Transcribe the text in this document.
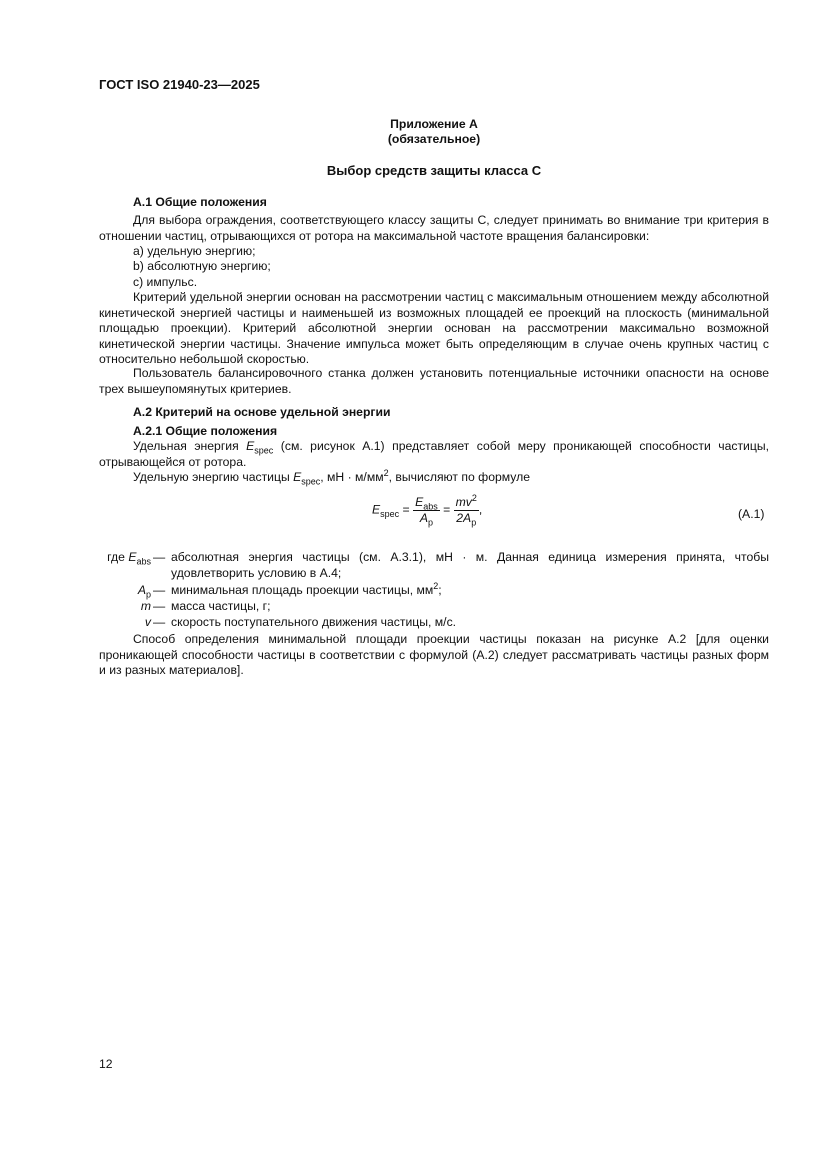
ГОСТ ISO 21940-23—2025
Приложение А
(обязательное)
Выбор средств защиты класса С
А.1 Общие положения
Для выбора ограждения, соответствующего классу защиты С, следует принимать во внимание три критерия в отношении частиц, отрывающихся от ротора на максимальной частоте вращения балансировки:
a) удельную энергию;
b) абсолютную энергию;
c) импульс.
Критерий удельной энергии основан на рассмотрении частиц с максимальным отношением между абсолютной кинетической энергией частицы и наименьшей из возможных площадей ее проекций на плоскость (минимальной площадью проекции). Критерий абсолютной энергии основан на рассмотрении максимально возможной кинетической энергии частицы. Значение импульса может быть определяющим в случае очень крупных частиц с относительно небольшой скоростью.
Пользователь балансировочного станка должен установить потенциальные источники опасности на основе трех вышеупомянутых критериев.
А.2 Критерий на основе удельной энергии
А.2.1 Общие положения
Удельная энергия $E_{spec}$ (см. рисунок А.1) представляет собой меру проникающей способности частицы, отрывающейся от ротора.
Удельную энергию частицы $E_{spec}$, мН · $м/мм^2$, вычисляют по формуле
$E_{spec} = \frac{E_{abs}}{A_p} = \frac{mv^2}{2A_p}$ ,	(А.1)
где $E_{abs}$ — абсолютная энергия частицы (см. А.3.1), мН · м. Данная единица измерения принята, чтобы удовлетворить условию в А.4;
$A_p$ — минимальная площадь проекции частицы, $мм^2$;
m — масса частицы, г;
v — скорость поступательного движения частицы, м/с.
Способ определения минимальной площади проекции частицы показан на рисунке А.2 [для оценки проникающей способности частицы в соответствии с формулой (А.2) следует рассматривать частицы разных форм и из разных материалов].
12
